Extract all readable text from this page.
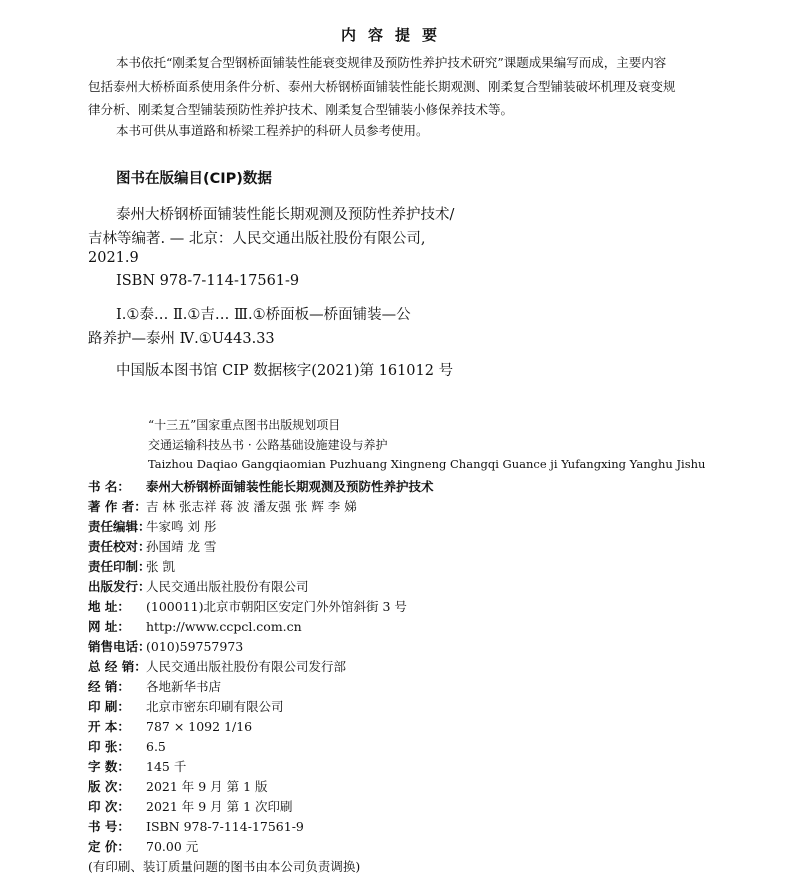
内容提要
本书依托“刚柔复合型钢桥面铺装性能衰变规律及预防性养护技术研究”课题成果编写而成，主要内容
包括泰州大桥桥面系使用条件分析、泰州大桥钢桥面铺装性能长期观测、刚柔复合型铺装破坏机理及衰变规
律分析、刚柔复合型铺装预防性养护技术、刚柔复合型铺装小修保养技术等。
本书可供从事道路和桥梁工程养护的科研人员参考使用。
图书在版编目(CIP)数据
泰州大桥钢桥面铺装性能长期观测及预防性养护技术/
吉林等编著. — 北京：人民交通出版社股份有限公司,
2021.9
ISBN 978-7-114-17561-9
Ⅰ.①泰… Ⅱ.①吉… Ⅲ.①桥面板—桥面铺装—公
路养护—泰州 Ⅳ.①U443.33
中国版本图书馆 CIP 数据核字(2021)第 161012 号
“十三五”国家重点图书出版规划项目
交通运输科技丛书 · 公路基础设施建设与养护
Taizhou Daqiao Gangqiaomian Puzhuang Xingneng Changqi Guance ji Yufangxing Yanghu Jishu
书 名： 泰州大桥钢桥面铺装性能长期观测及预防性养护技术
著 作 者：吉 林 张志祥 蒋 波 潘友强 张 辉 李 娣
责任编辑：牛家鸣 刘 彤
责任校对：孙国靖 龙 雪
责任印制：张 凯
出版发行：人民交通出版社股份有限公司
地 址： (100011)北京市朝阳区安定门外外馆斜街 3 号
网 址： http://www.ccpcl.com.cn
销售电话：(010)59757973
总 经 销：人民交通出版社股份有限公司发行部
经 销： 各地新华书店
印 刷： 北京市密东印刷有限公司
开 本： 787 × 1092 1/16
印 张： 6.5
字 数： 145 千
版 次： 2021 年 9 月 第 1 版
印 次： 2021 年 9 月 第 1 次印刷
书 号： ISBN 978-7-114-17561-9
定 价： 70.00 元
(有印刷、装订质量问题的图书由本公司负责调换)
